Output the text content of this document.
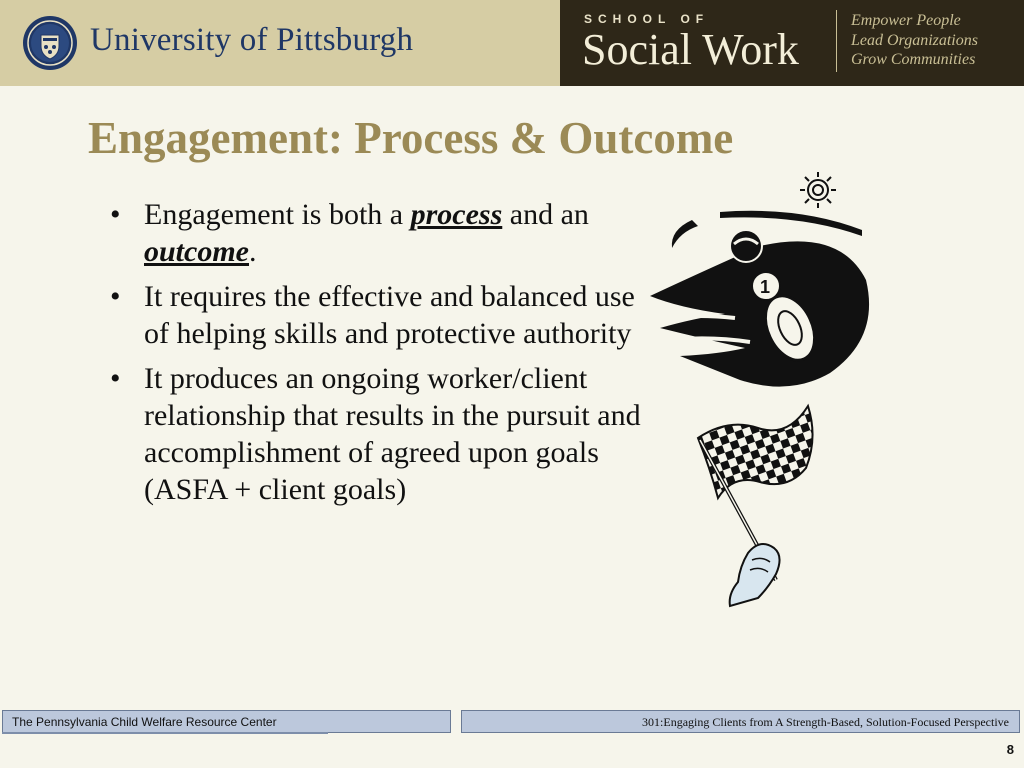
University of Pittsburgh
SCHOOL OF
Social Work
Empower People
Lead Organizations
Grow Communities
Engagement: Process & Outcome
• Engagement is both a process and an outcome.
• It requires the effective and balanced use of helping skills and protective authority
• It produces an ongoing worker/client relationship that results in the pursuit and accomplishment of agreed upon goals (ASFA + client goals)
1
The Pennsylvania Child Welfare Resource Center	301:Engaging Clients from A Strength-Based, Solution-Focused Perspective
8
